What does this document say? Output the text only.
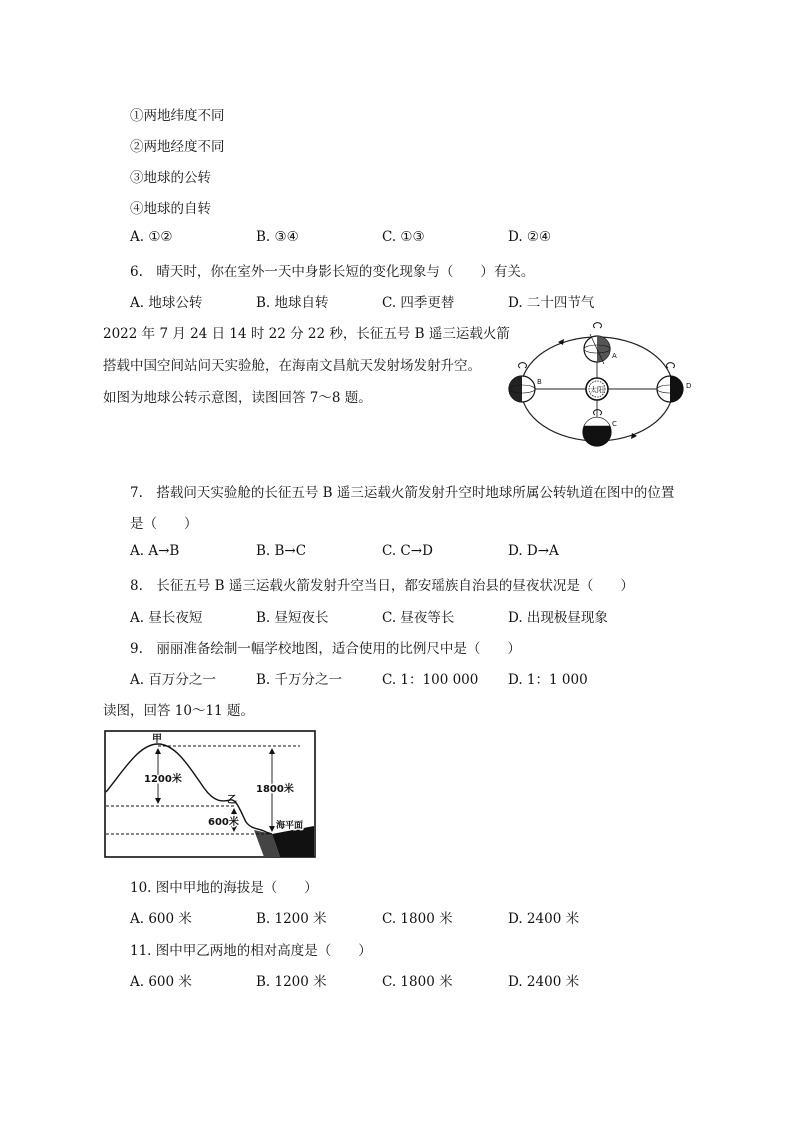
①两地纬度不同
②两地经度不同
③地球的公转
④地球的自转
A. ①②	B. ③④	C. ①③	D. ②④
6.　晴天时，你在室外一天中身影长短的变化现象与（　　）有关。
A. 地球公转	B. 地球自转	C. 四季更替	D. 二十四节气
2022 年 7 月 24 日 14 时 22 分 22 秒，长征五号 B 遥三运载火箭
搭载中国空间站问天实验舱，在海南文昌航天发射场发射升空。
如图为地球公转示意图，读图回答 7～8 题。	太阳
A
B
C
D
7.　搭载问天实验舱的长征五号 B 遥三运载火箭发射升空时地球所属公转轨道在图中的位置
是（　　）
A. A→B	B. B→C	C. C→D	D. D→A
8.　长征五号 B 遥三运载火箭发射升空当日，都安瑶族自治县的昼夜状况是（　　）
A. 昼长夜短	B. 昼短夜长	C. 昼夜等长	D. 出现极昼现象
9.　丽丽准备绘制一幅学校地图，适合使用的比例尺中是（　　）
A. 百万分之一	B. 千万分之一	C. 1：100 000 D. 1：1 000
读图，回答 10～11 题。
甲
乙
1200米
1800米
600米	海平面
10. 图中甲地的海拔是（　　）
A. 600 米	B. 1200 米	C. 1800 米	D. 2400 米
11. 图中甲乙两地的相对高度是（　　）
A. 600 米	B. 1200 米	C. 1800 米	D. 2400 米
